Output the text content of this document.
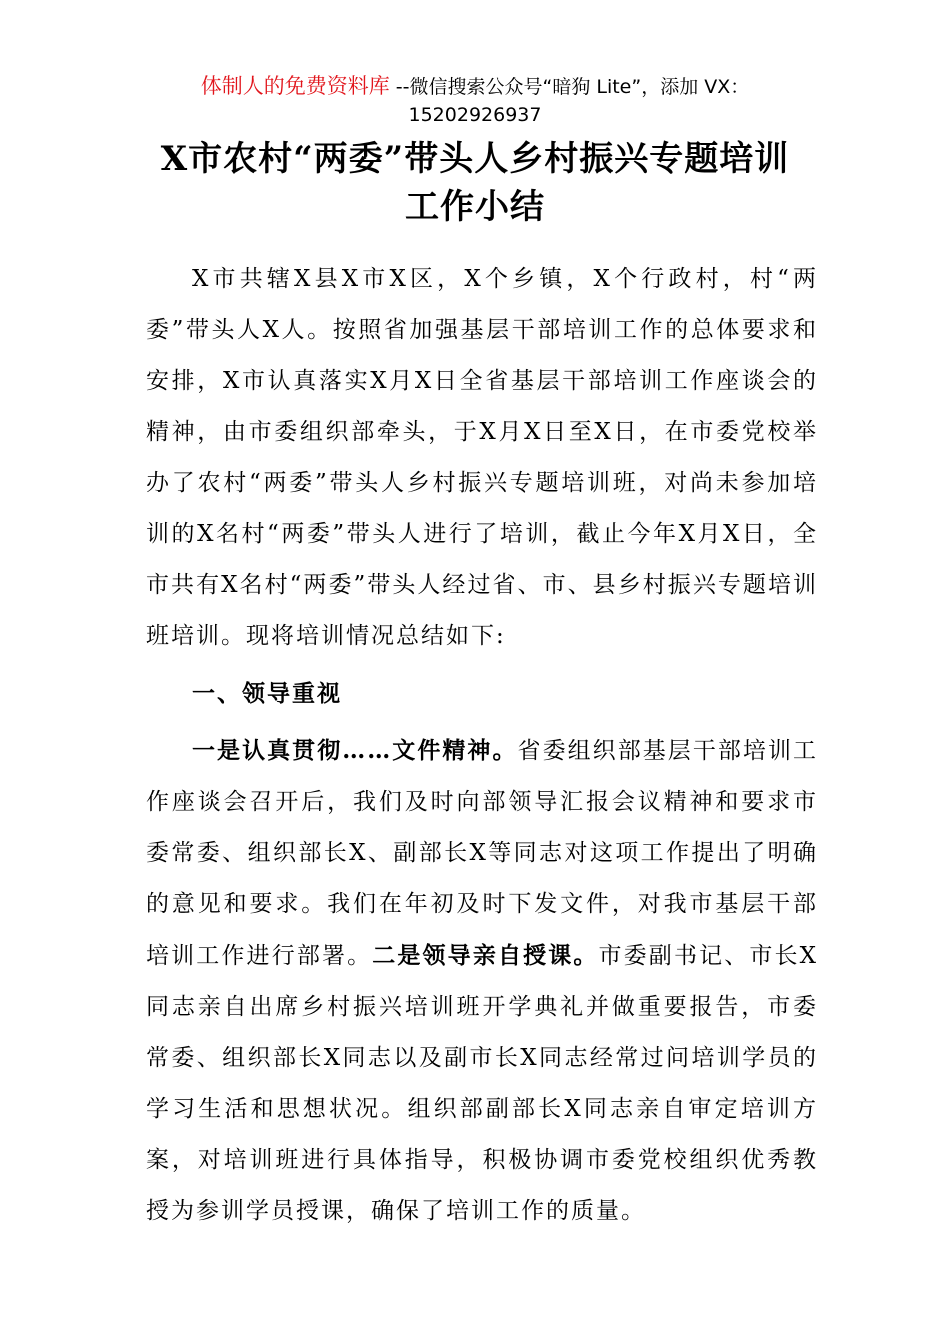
体制人的免费资料库 --微信搜索公众号“暗狗 Lite”，添加 VX：
15202926937
X市农村“两委”带头人乡村振兴专题培训
工作小结

X市共辖X县X市X区，X个乡镇，X个行政村，村“两委”带头人X人。按照省加强基层干部培训工作的总体要求和安排，X市认真落实X月X日全省基层干部培训工作座谈会的精神，由市委组织部牵头，于X月X日至X日，在市委党校举办了农村“两委”带头人乡村振兴专题培训班，对尚未参加培训的X名村“两委”带头人进行了培训，截止今年X月X日，全市共有X名村“两委”带头人经过省、市、县乡村振兴专题培训班培训。现将培训情况总结如下:

一、领导重视

一是认真贯彻……文件精神。省委组织部基层干部培训工作座谈会召开后，我们及时向部领导汇报会议精神和要求市委常委、组织部长X、副部长X等同志对这项工作提出了明确的意见和要求。我们在年初及时下发文件，对我市基层干部培训工作进行部署。二是领导亲自授课。市委副书记、市长X同志亲自出席乡村振兴培训班开学典礼并做重要报告，市委常委、组织部长X同志以及副市长X同志经常过问培训学员的学习生活和思想状况。组织部副部长X同志亲自审定培训方案，对培训班进行具体指导，积极协调市委党校组织优秀教授为参训学员授课，确保了培训工作的质量。
